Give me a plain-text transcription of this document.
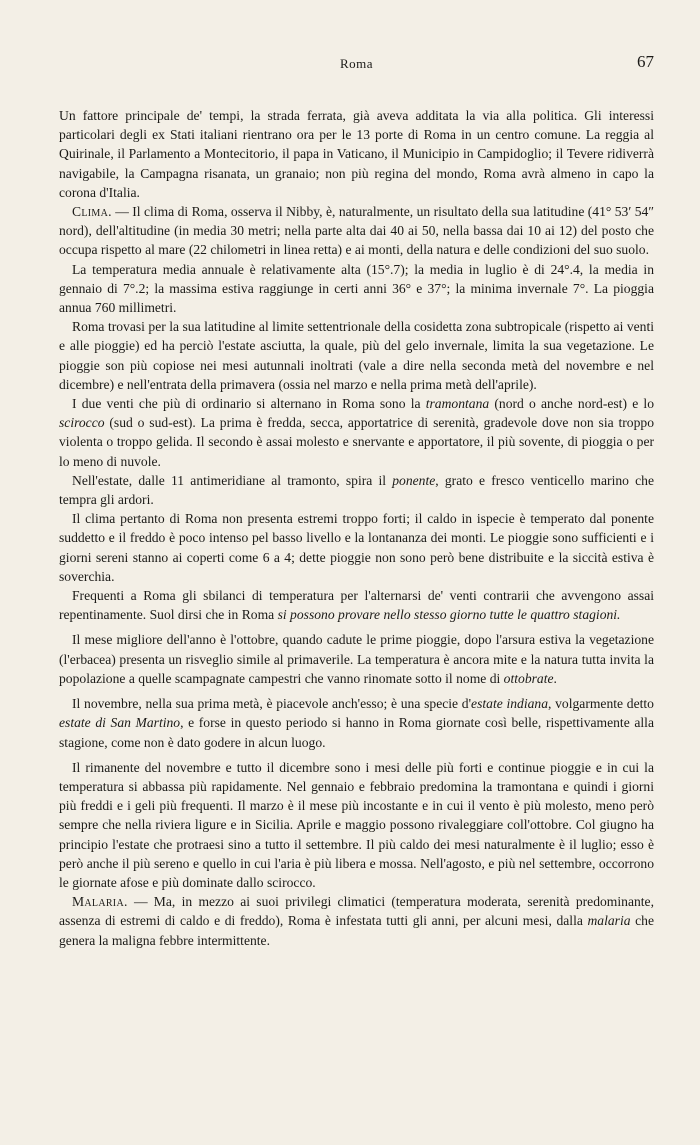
Roma	67

Un fattore principale de' tempi, la strada ferrata, già aveva additata la via alla politica. Gli interessi particolari degli ex Stati italiani rientrano ora per le 13 porte di Roma in un centro comune. La reggia al Quirinale, il Parlamento a Montecitorio, il papa in Vaticano, il Municipio in Campidoglio; il Tevere ridiverrà navigabile, la Campagna risanata, un granaio; non più regina del mondo, Roma avrà almeno in capo la corona d'Italia.

Clima. — Il clima di Roma, osserva il Nibby, è, naturalmente, un risultato della sua latitudine (41° 53′ 54″ nord), dell'altitudine (in media 30 metri; nella parte alta dai 40 ai 50, nella bassa dai 10 ai 12) del posto che occupa rispetto al mare (22 chilometri in linea retta) e ai monti, della natura e delle condizioni del suo suolo.

La temperatura media annuale è relativamente alta (15°.7); la media in luglio è di 24°.4, la media in gennaio di 7°.2; la massima estiva raggiunge in certi anni 36° e 37°; la minima invernale 7°. La pioggia annua 760 millimetri.

Roma trovasi per la sua latitudine al limite settentrionale della cosidetta zona subtropicale (rispetto ai venti e alle pioggie) ed ha perciò l'estate asciutta, la quale, più del gelo invernale, limita la sua vegetazione. Le pioggie son più copiose nei mesi autunnali inoltrati (vale a dire nella seconda metà del novembre e nel dicembre) e nell'entrata della primavera (ossia nel marzo e nella prima metà dell'aprile).

I due venti che più di ordinario si alternano in Roma sono la tramontana (nord o anche nord-est) e lo scirocco (sud o sud-est). La prima è fredda, secca, apportatrice di serenità, gradevole dove non sia troppo violenta o troppo gelida. Il secondo è assai molesto e snervante e apportatore, il più sovente, di pioggia o per lo meno di nuvole.

Nell'estate, dalle 11 antimeridiane al tramonto, spira il ponente, grato e fresco venticello marino che tempra gli ardori.

Il clima pertanto di Roma non presenta estremi troppo forti; il caldo in ispecie è temperato dal ponente suddetto e il freddo è poco intenso pel basso livello e la lontananza dei monti. Le pioggie sono sufficienti e i giorni sereni stanno ai coperti come 6 a 4; dette pioggie non sono però bene distribuite e la siccità estiva è soverchia.

Frequenti a Roma gli sbilanci di temperatura per l'alternarsi de' venti contrarii che avvengono assai repentinamente. Suol dirsi che in Roma si possono provare nello stesso giorno tutte le quattro stagioni.

Il mese migliore dell'anno è l'ottobre, quando cadute le prime pioggie, dopo l'arsura estiva la vegetazione (l'erbacea) presenta un risveglio simile al primaverile. La temperatura è ancora mite e la natura tutta invita la popolazione a quelle scampagnate campestri che vanno rinomate sotto il nome di ottobrate.

Il novembre, nella sua prima metà, è piacevole anch'esso; è una specie d'estate indiana, volgarmente detto estate di San Martino, e forse in questo periodo si hanno in Roma giornate così belle, rispettivamente alla stagione, come non è dato godere in alcun luogo.

Il rimanente del novembre e tutto il dicembre sono i mesi delle più forti e continue pioggie e in cui la temperatura si abbassa più rapidamente. Nel gennaio e febbraio predomina la tramontana e quindi i giorni più freddi e i geli più frequenti. Il marzo è il mese più incostante e in cui il vento è più molesto, meno però sempre che nella riviera ligure e in Sicilia. Aprile e maggio possono rivaleggiare coll'ottobre. Col giugno ha principio l'estate che protraesi sino a tutto il settembre. Il più caldo dei mesi naturalmente è il luglio; esso è però anche il più sereno e quello in cui l'aria è più libera e mossa. Nell'agosto, e più nel settembre, occorrono le giornate afose e più dominate dallo scirocco.

Malaria. — Ma, in mezzo ai suoi privilegi climatici (temperatura moderata, serenità predominante, assenza di estremi di caldo e di freddo), Roma è infestata tutti gli anni, per alcuni mesi, dalla malaria che genera la maligna febbre intermittente.
